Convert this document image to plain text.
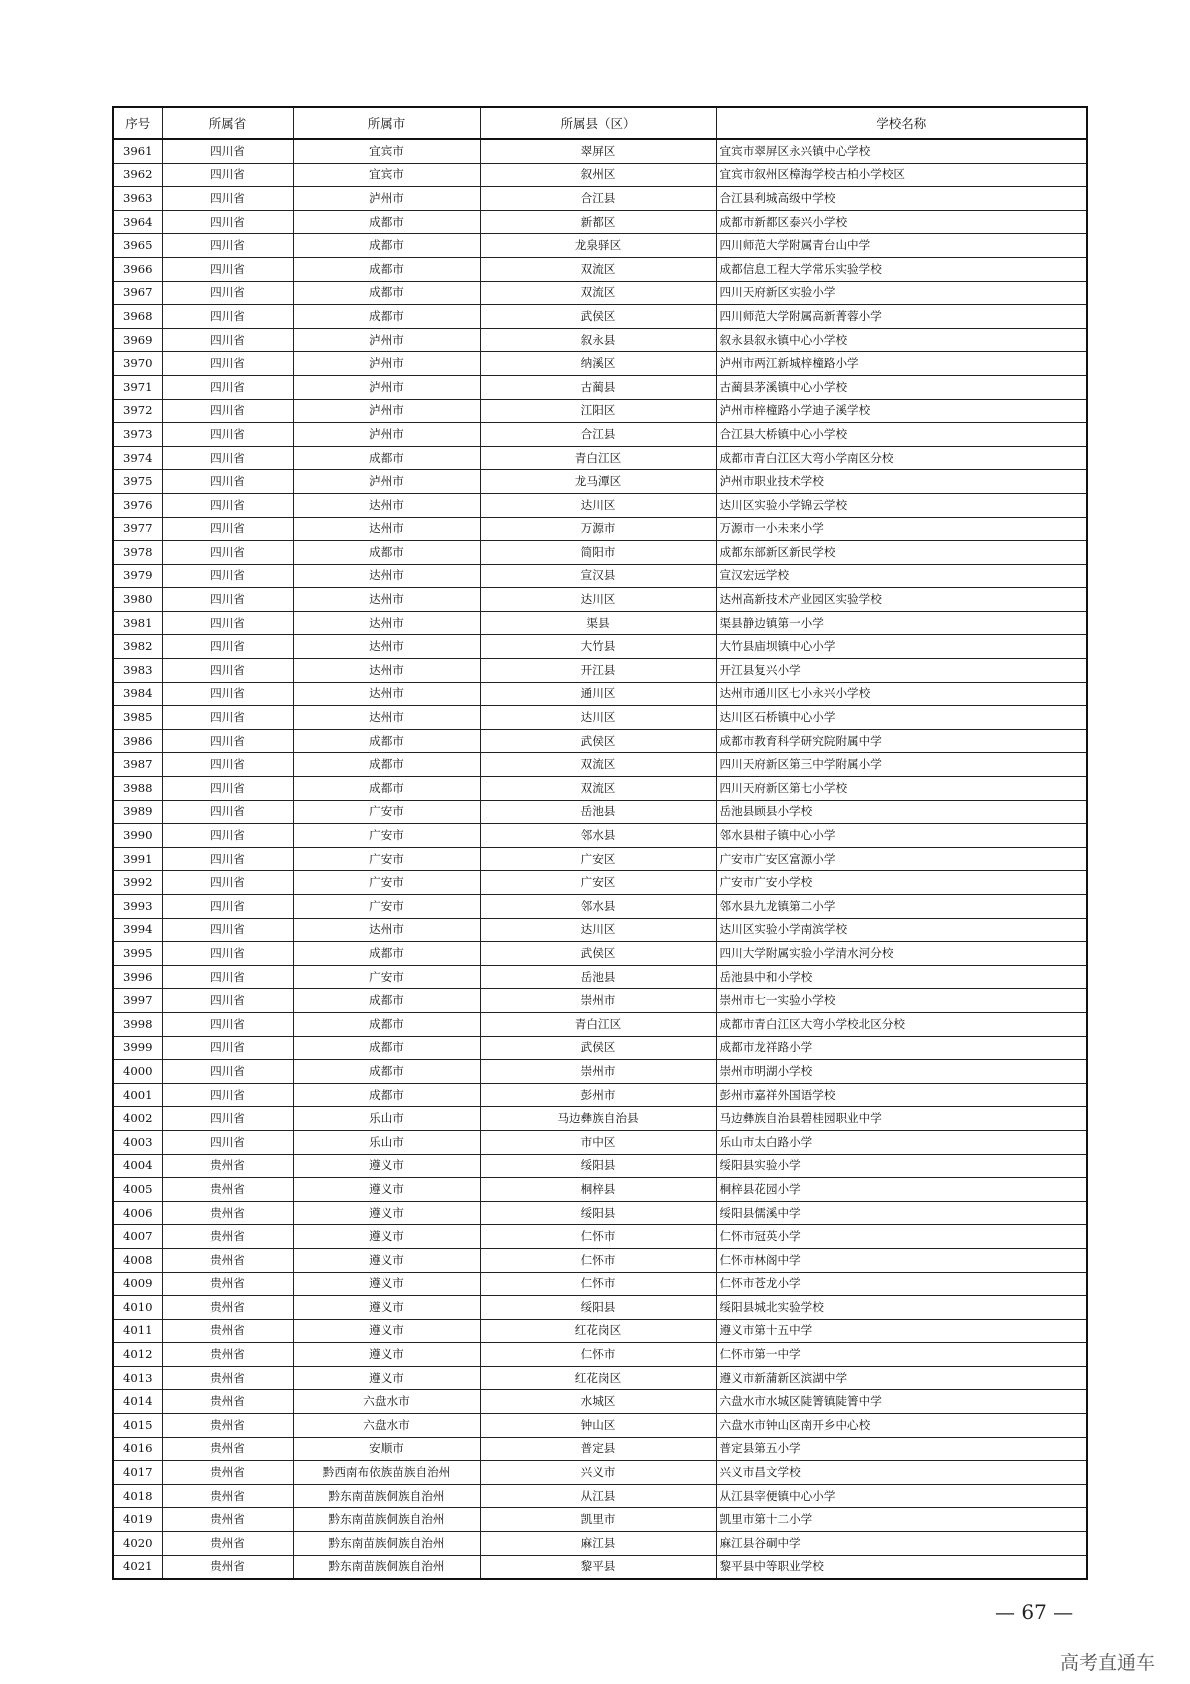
序号	所属省	所属市	所属县（区）	学校名称
3961	四川省	宜宾市	翠屏区	宜宾市翠屏区永兴镇中心学校
3962	四川省	宜宾市	叙州区	宜宾市叙州区樟海学校古柏小学校区
3963	四川省	泸州市	合江县	合江县利城高级中学校
3964	四川省	成都市	新都区	成都市新都区泰兴小学校
3965	四川省	成都市	龙泉驿区	四川师范大学附属青台山中学
3966	四川省	成都市	双流区	成都信息工程大学常乐实验学校
3967	四川省	成都市	双流区	四川天府新区实验小学
3968	四川省	成都市	武侯区	四川师范大学附属高新菁蓉小学
3969	四川省	泸州市	叙永县	叙永县叙永镇中心小学校
3970	四川省	泸州市	纳溪区	泸州市两江新城梓橦路小学
3971	四川省	泸州市	古蔺县	古蔺县茅溪镇中心小学校
3972	四川省	泸州市	江阳区	泸州市梓橦路小学迪子溪学校
3973	四川省	泸州市	合江县	合江县大桥镇中心小学校
3974	四川省	成都市	青白江区	成都市青白江区大弯小学南区分校
3975	四川省	泸州市	龙马潭区	泸州市职业技术学校
3976	四川省	达州市	达川区	达川区实验小学锦云学校
3977	四川省	达州市	万源市	万源市一小未来小学
3978	四川省	成都市	简阳市	成都东部新区新民学校
3979	四川省	达州市	宣汉县	宣汉宏远学校
3980	四川省	达州市	达川区	达州高新技术产业园区实验学校
3981	四川省	达州市	渠县	渠县静边镇第一小学
3982	四川省	达州市	大竹县	大竹县庙坝镇中心小学
3983	四川省	达州市	开江县	开江县复兴小学
3984	四川省	达州市	通川区	达州市通川区七小永兴小学校
3985	四川省	达州市	达川区	达川区石桥镇中心小学
3986	四川省	成都市	武侯区	成都市教育科学研究院附属中学
3987	四川省	成都市	双流区	四川天府新区第三中学附属小学
3988	四川省	成都市	双流区	四川天府新区第七小学校
3989	四川省	广安市	岳池县	岳池县顾县小学校
3990	四川省	广安市	邻水县	邻水县柑子镇中心小学
3991	四川省	广安市	广安区	广安市广安区富源小学
3992	四川省	广安市	广安区	广安市广安小学校
3993	四川省	广安市	邻水县	邻水县九龙镇第二小学
3994	四川省	达州市	达川区	达川区实验小学南滨学校
3995	四川省	成都市	武侯区	四川大学附属实验小学清水河分校
3996	四川省	广安市	岳池县	岳池县中和小学校
3997	四川省	成都市	崇州市	崇州市七一实验小学校
3998	四川省	成都市	青白江区	成都市青白江区大弯小学校北区分校
3999	四川省	成都市	武侯区	成都市龙祥路小学
4000	四川省	成都市	崇州市	崇州市明湖小学校
4001	四川省	成都市	彭州市	彭州市嘉祥外国语学校
4002	四川省	乐山市	马边彝族自治县	马边彝族自治县碧桂园职业中学
4003	四川省	乐山市	市中区	乐山市太白路小学
4004	贵州省	遵义市	绥阳县	绥阳县实验小学
4005	贵州省	遵义市	桐梓县	桐梓县花园小学
4006	贵州省	遵义市	绥阳县	绥阳县儒溪中学
4007	贵州省	遵义市	仁怀市	仁怀市冠英小学
4008	贵州省	遵义市	仁怀市	仁怀市林阁中学
4009	贵州省	遵义市	仁怀市	仁怀市苍龙小学
4010	贵州省	遵义市	绥阳县	绥阳县城北实验学校
4011	贵州省	遵义市	红花岗区	遵义市第十五中学
4012	贵州省	遵义市	仁怀市	仁怀市第一中学
4013	贵州省	遵义市	红花岗区	遵义市新蒲新区滨湖中学
4014	贵州省	六盘水市	水城区	六盘水市水城区陡箐镇陡箐中学
4015	贵州省	六盘水市	钟山区	六盘水市钟山区南开乡中心校
4016	贵州省	安顺市	普定县	普定县第五小学
4017	贵州省	黔西南布依族苗族自治州	兴义市	兴义市昌文学校
4018	贵州省	黔东南苗族侗族自治州	从江县	从江县宰便镇中心小学
4019	贵州省	黔东南苗族侗族自治州	凯里市	凯里市第十二小学
4020	贵州省	黔东南苗族侗族自治州	麻江县	麻江县谷硐中学
4021	贵州省	黔东南苗族侗族自治州	黎平县	黎平县中等职业学校
— 67 —
高考直通车
